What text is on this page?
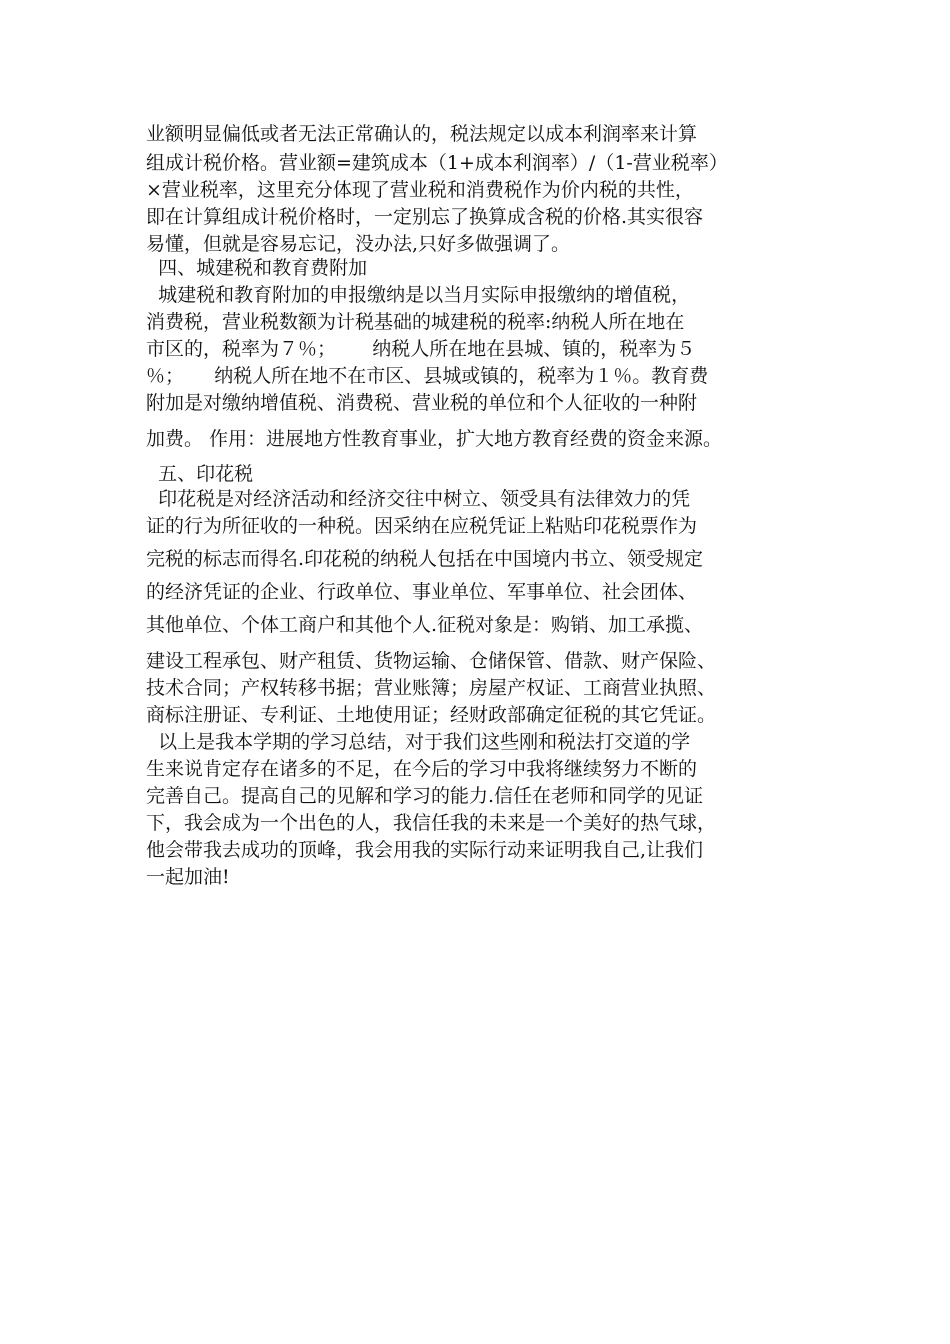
业额明显偏低或者无法正常确认的，税法规定以成本利润率来计算
组成计税价格。营业额=建筑成本（1+成本利润率）/（1-营业税率）
×营业税率，这里充分体现了营业税和消费税作为价内税的共性，
即在计算组成计税价格时，一定别忘了换算成含税的价格.其实很容
易懂，但就是容易忘记，没办法,只好多做强调了。
四、城建税和教育费附加
城建税和教育附加的申报缴纳是以当月实际申报缴纳的增值税，
消费税，营业税数额为计税基础的城建税的税率:纳税人所在地在
市区的，税率为７％；      纳税人所在地在县城、镇的，税率为５
％；     纳税人所在地不在市区、县城或镇的，税率为１％。教育费
附加是对缴纳增值税、消费税、营业税的单位和个人征收的一种附
加费。 作用：进展地方性教育事业，扩大地方教育经费的资金来源。
五、印花税
印花税是对经济活动和经济交往中树立、领受具有法律效力的凭
证的行为所征收的一种税。因采纳在应税凭证上粘贴印花税票作为
完税的标志而得名.印花税的纳税人包括在中国境内书立、领受规定
的经济凭证的企业、行政单位、事业单位、军事单位、社会团体、
其他单位、个体工商户和其他个人.征税对象是：购销、加工承揽、
建设工程承包、财产租赁、货物运输、仓储保管、借款、财产保险、
技术合同；产权转移书据；营业账簿；房屋产权证、工商营业执照、
商标注册证、专利证、土地使用证；经财政部确定征税的其它凭证。
以上是我本学期的学习总结，对于我们这些刚和税法打交道的学
生来说肯定存在诸多的不足，在今后的学习中我将继续努力不断的
完善自己。提高自己的见解和学习的能力.信任在老师和同学的见证
下，我会成为一个出色的人，我信任我的未来是一个美好的热气球，
他会带我去成功的顶峰，我会用我的实际行动来证明我自己,让我们
一起加油!
